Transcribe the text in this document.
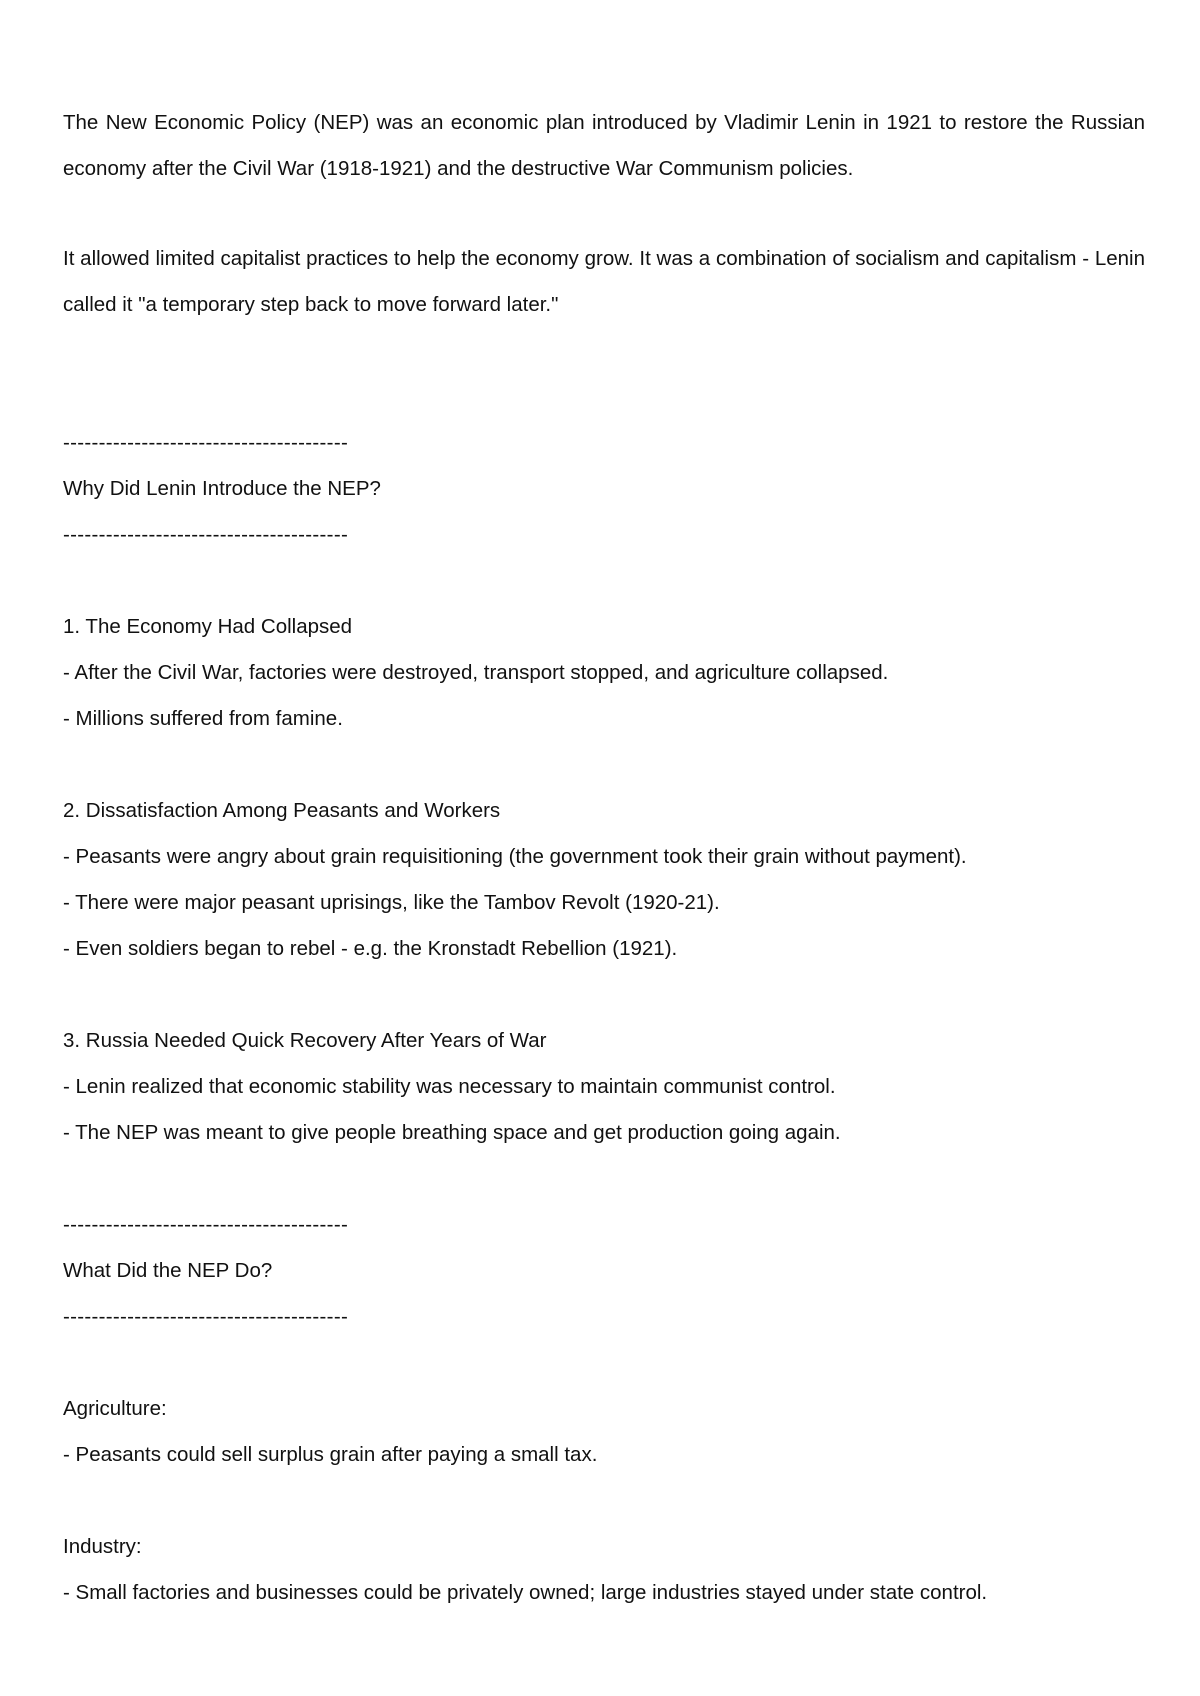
The New Economic Policy (NEP) was an economic plan introduced by Vladimir Lenin in 1921 to restore the Russian economy after the Civil War (1918-1921) and the destructive War Communism policies.

It allowed limited capitalist practices to help the economy grow. It was a combination of socialism and capitalism - Lenin called it "a temporary step back to move forward later."

----------------------------------------
Why Did Lenin Introduce the NEP?
----------------------------------------
1. The Economy Had Collapsed
- After the Civil War, factories were destroyed, transport stopped, and agriculture collapsed.
- Millions suffered from famine.
2. Dissatisfaction Among Peasants and Workers
- Peasants were angry about grain requisitioning (the government took their grain without payment).
- There were major peasant uprisings, like the Tambov Revolt (1920-21).
- Even soldiers began to rebel - e.g. the Kronstadt Rebellion (1921).
3. Russia Needed Quick Recovery After Years of War
- Lenin realized that economic stability was necessary to maintain communist control.
- The NEP was meant to give people breathing space and get production going again.
----------------------------------------
What Did the NEP Do?
----------------------------------------
Agriculture:
- Peasants could sell surplus grain after paying a small tax.
Industry:
- Small factories and businesses could be privately owned; large industries stayed under state control.
